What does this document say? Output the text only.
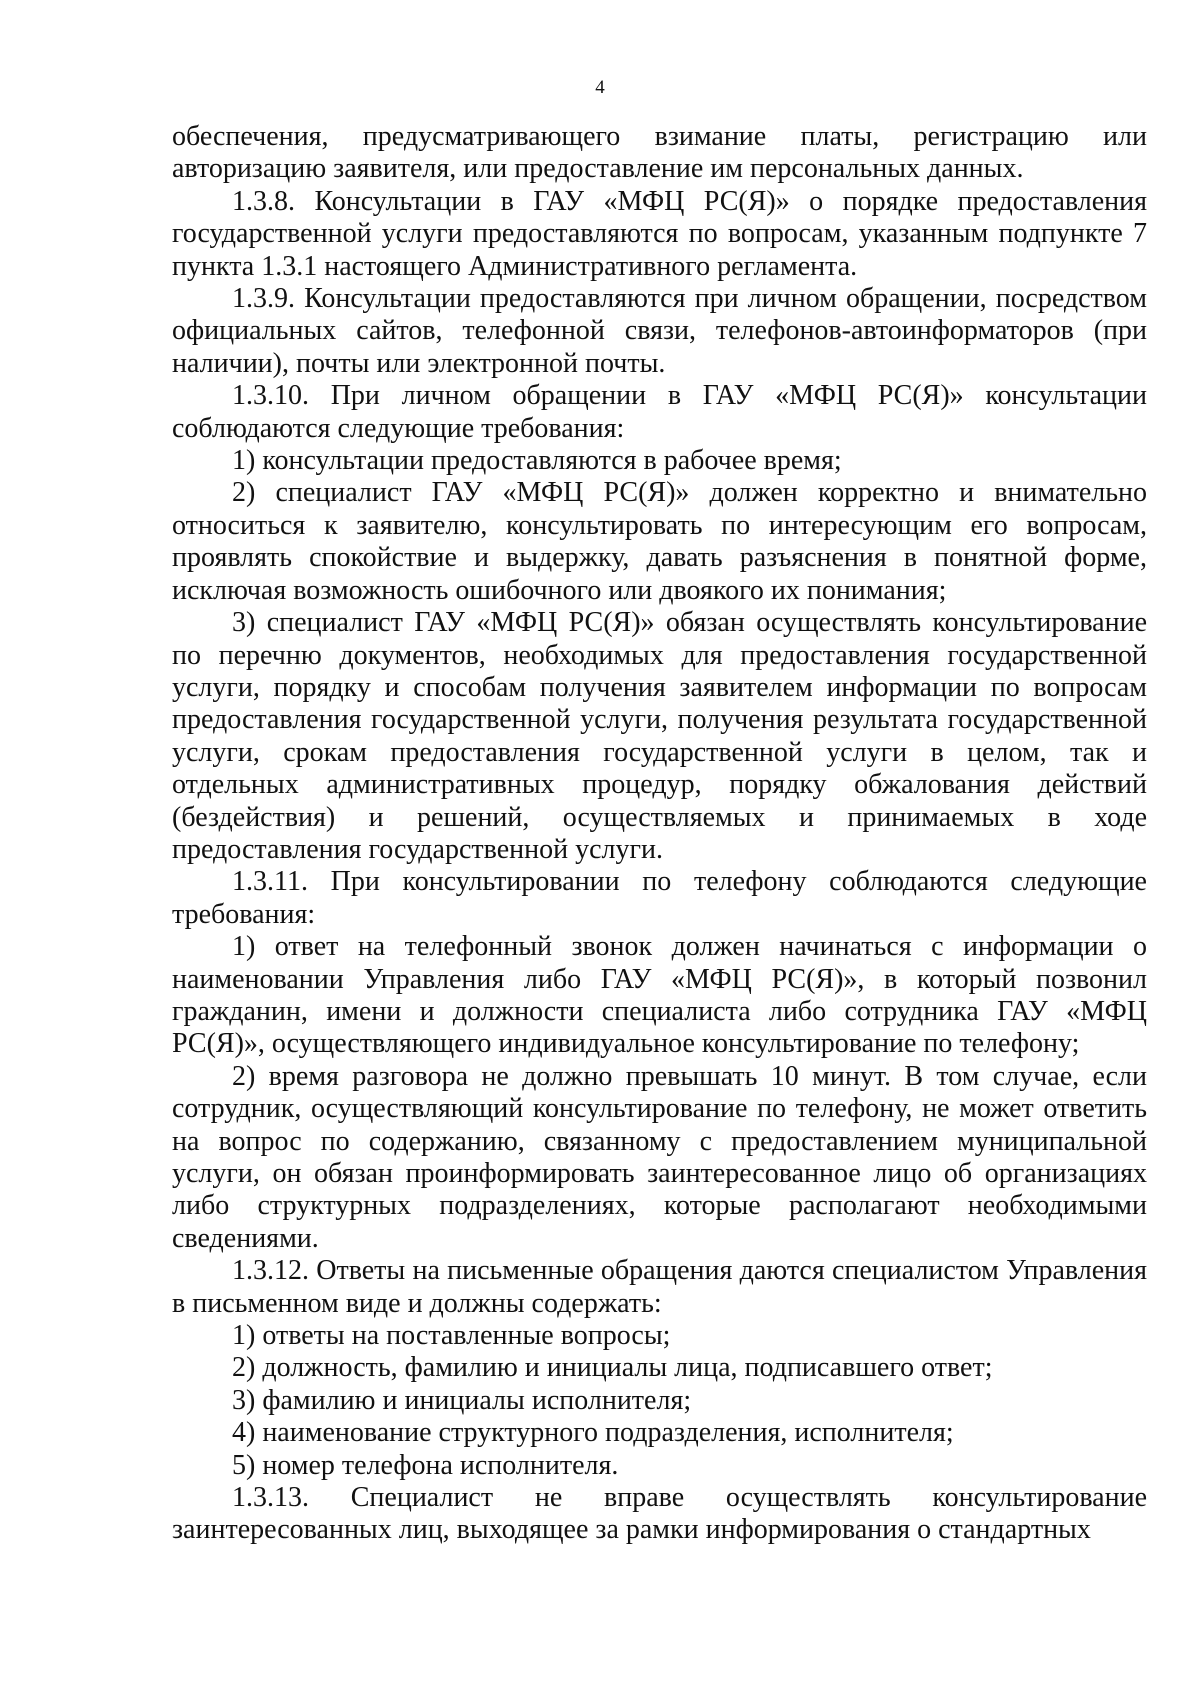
4
обеспечения, предусматривающего взимание платы, регистрацию или
авторизацию заявителя, или предоставление им персональных данных.
1.3.8. Консультации в ГАУ «МФЦ РС(Я)» о порядке предоставления
государственной услуги предоставляются по вопросам, указанным подпункте 7
пункта 1.3.1 настоящего Административного регламента.
1.3.9. Консультации предоставляются при личном обращении, посредством
официальных сайтов, телефонной связи, телефонов-автоинформаторов (при
наличии), почты или электронной почты.
1.3.10. При личном обращении в ГАУ «МФЦ РС(Я)» консультации
соблюдаются следующие требования:
1) консультации предоставляются в рабочее время;
2) специалист ГАУ «МФЦ РС(Я)» должен корректно и внимательно
относиться к заявителю, консультировать по интересующим его вопросам,
проявлять спокойствие и выдержку, давать разъяснения в понятной форме,
исключая возможность ошибочного или двоякого их понимания;
3) специалист ГАУ «МФЦ РС(Я)» обязан осуществлять консультирование
по перечню документов, необходимых для предоставления государственной
услуги, порядку и способам получения заявителем информации по вопросам
предоставления государственной услуги, получения результата государственной
услуги, срокам предоставления государственной услуги в целом, так и
отдельных административных процедур, порядку обжалования действий
(бездействия) и решений, осуществляемых и принимаемых в ходе
предоставления государственной услуги.
1.3.11. При консультировании по телефону соблюдаются следующие
требования:
1) ответ на телефонный звонок должен начинаться с информации о
наименовании Управления либо ГАУ «МФЦ РС(Я)», в который позвонил
гражданин, имени и должности специалиста либо сотрудника ГАУ «МФЦ
РС(Я)», осуществляющего индивидуальное консультирование по телефону;
2) время разговора не должно превышать 10 минут. В том случае, если
сотрудник, осуществляющий консультирование по телефону, не может ответить
на вопрос по содержанию, связанному с предоставлением муниципальной
услуги, он обязан проинформировать заинтересованное лицо об организациях
либо структурных подразделениях, которые располагают необходимыми
сведениями.
1.3.12. Ответы на письменные обращения даются специалистом Управления
в письменном виде и должны содержать:
1) ответы на поставленные вопросы;
2) должность, фамилию и инициалы лица, подписавшего ответ;
3) фамилию и инициалы исполнителя;
4) наименование структурного подразделения, исполнителя;
5) номер телефона исполнителя.
1.3.13. Специалист не вправе осуществлять консультирование
заинтересованных лиц, выходящее за рамки информирования о стандартных
